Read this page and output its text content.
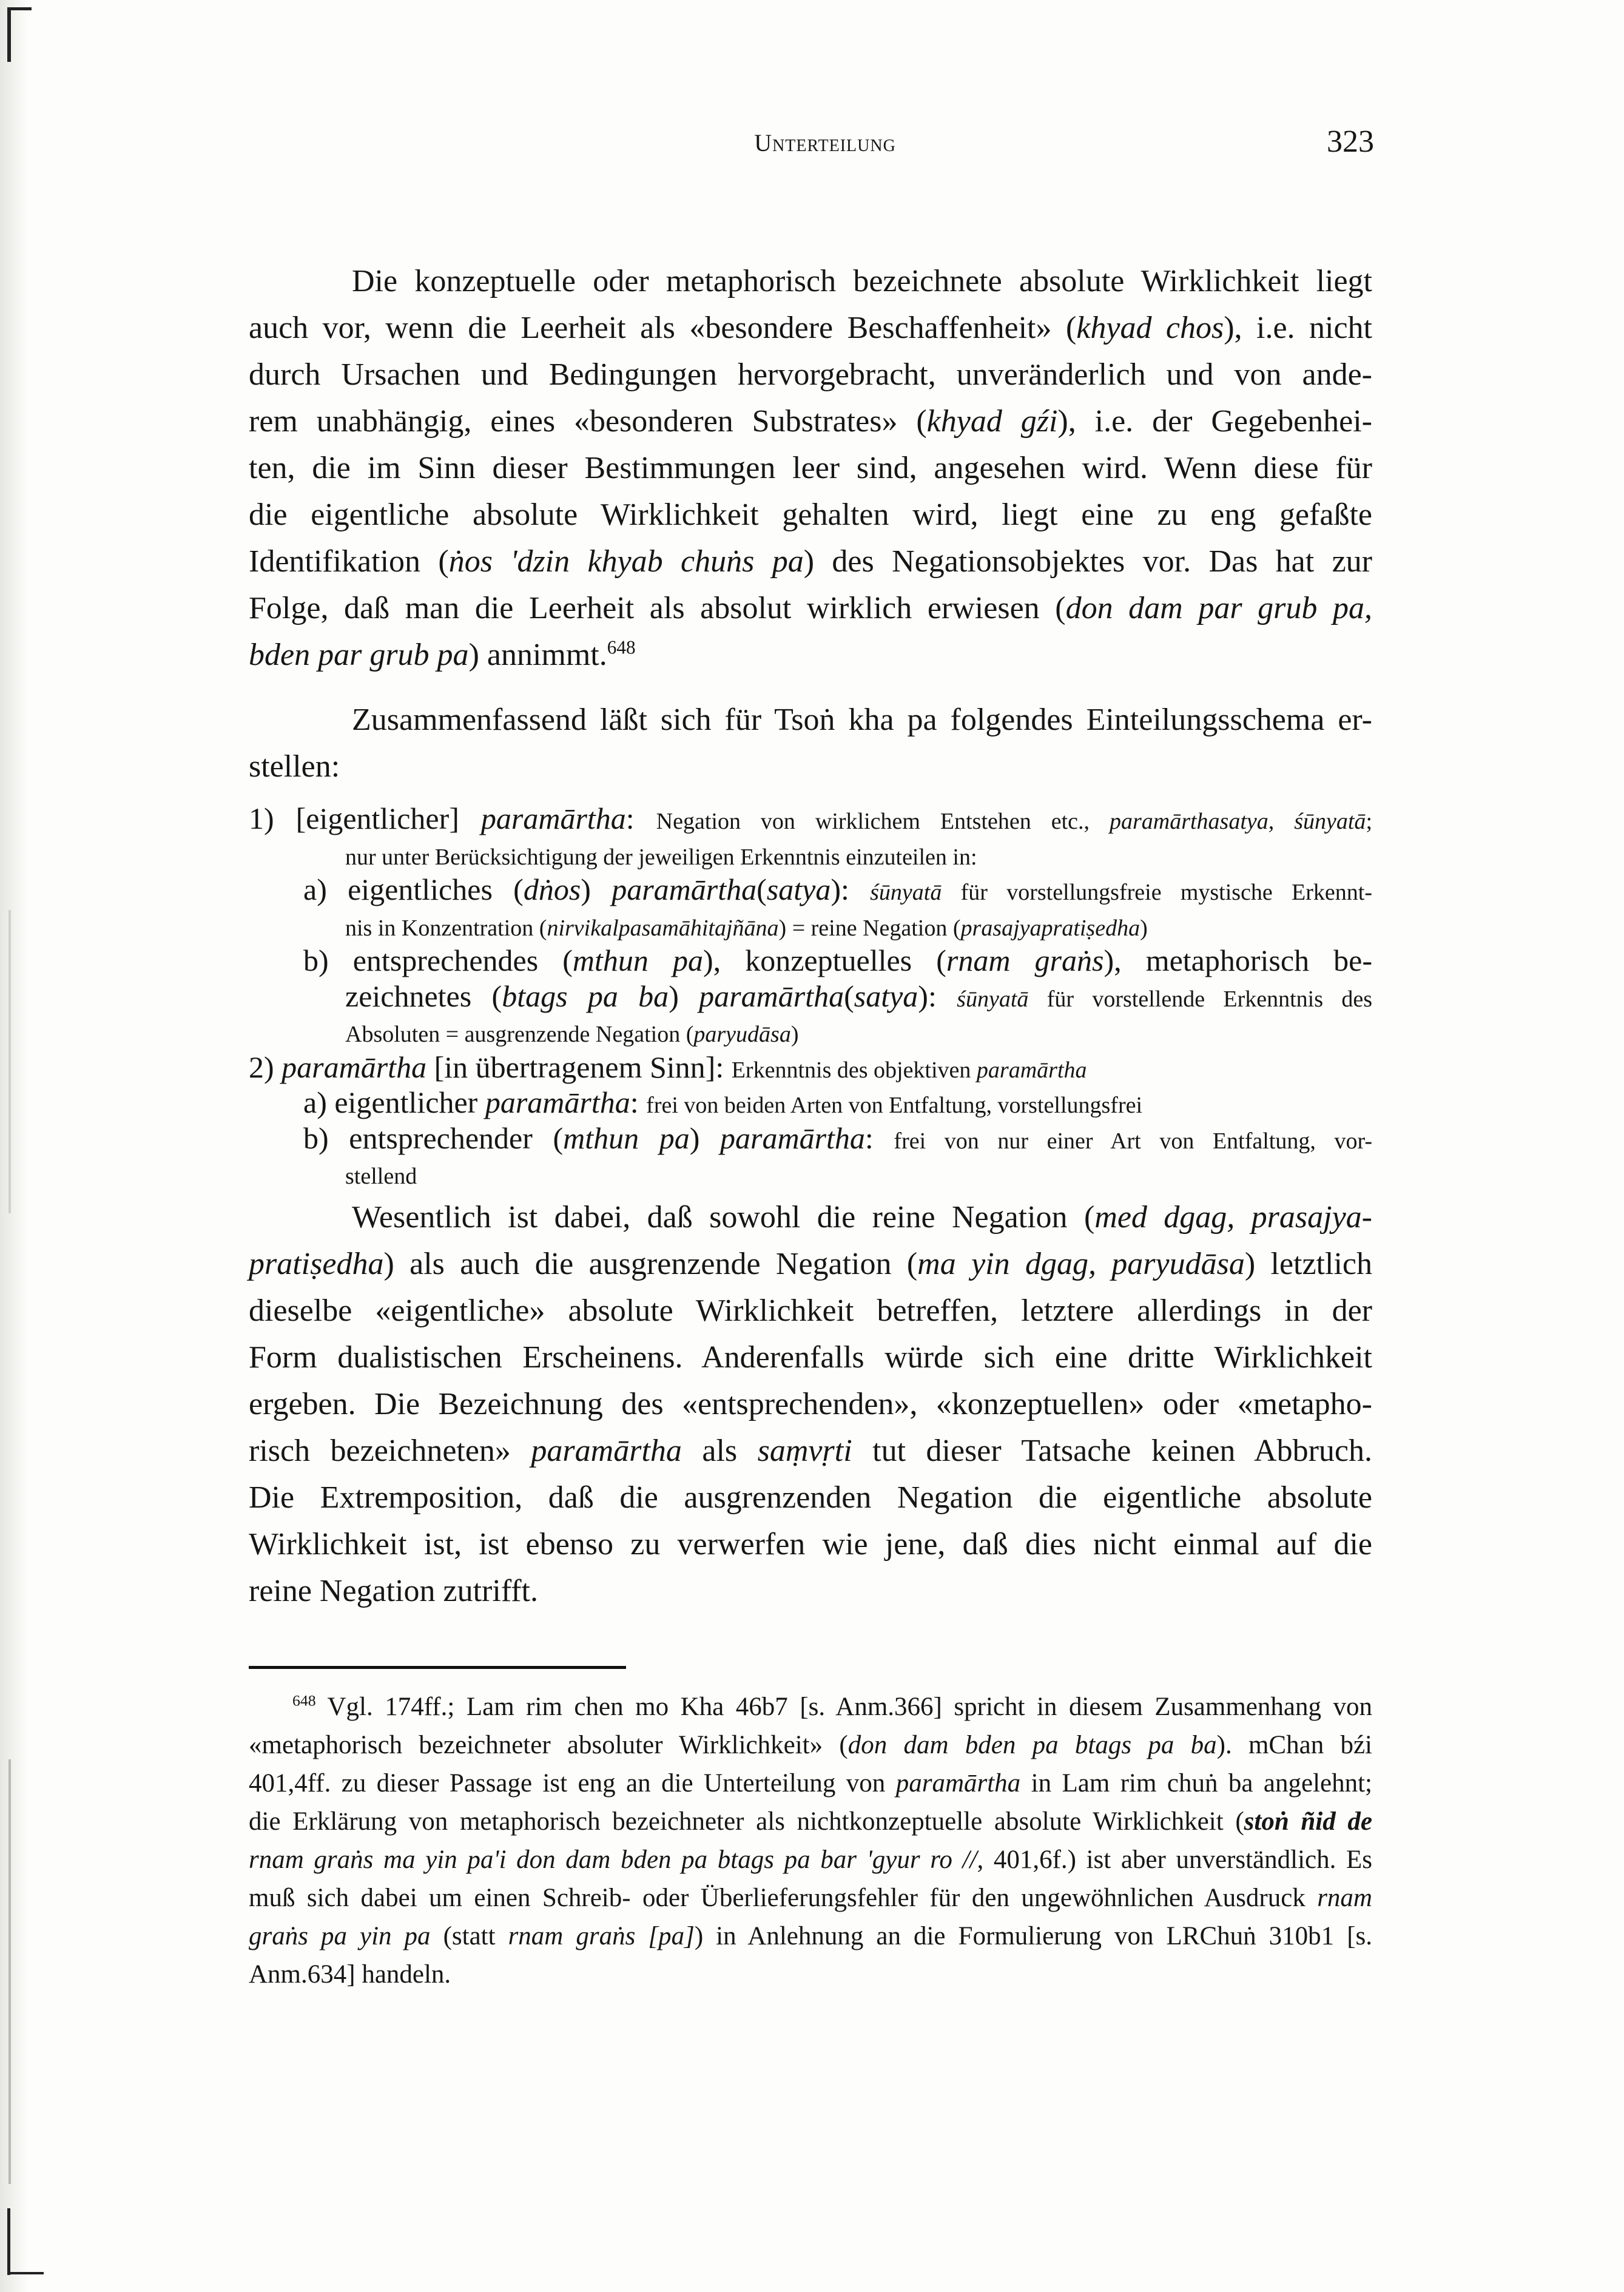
Unterteilung	323
Die konzeptuelle oder metaphorisch bezeichnete absolute Wirklichkeit liegt
auch vor, wenn die Leerheit als «besondere Beschaffenheit» (khyad chos), i.e. nicht
durch Ursachen und Bedingungen hervorgebracht, unveränderlich und von ande-
rem unabhängig, eines «besonderen Substrates» (khyad gźi), i.e. der Gegebenhei-
ten, die im Sinn dieser Bestimmungen leer sind, angesehen wird. Wenn diese für
die eigentliche absolute Wirklichkeit gehalten wird, liegt eine zu eng gefaßte
Identifikation (ṅos 'dzin khyab chuṅs pa) des Negationsobjektes vor. Das hat zur
Folge, daß man die Leerheit als absolut wirklich erwiesen (don dam par grub pa,
bden par grub pa) annimmt.$^{648}$
Zusammenfassend läßt sich für Tsoṅ kha pa folgendes Einteilungsschema er-
stellen:
1) [eigentlicher] paramārtha: Negation von wirklichem Entstehen etc., paramārthasatya, śūnyatā;
nur unter Berücksichtigung der jeweiligen Erkenntnis einzuteilen in:
a) eigentliches (dṅos) paramārtha(satya): śūnyatā für vorstellungsfreie mystische Erkennt-
nis in Konzentration (nirvikalpasamāhitajñāna) = reine Negation (prasajyapratiṣedha)
b) entsprechendes (mthun pa), konzeptuelles (rnam graṅs), metaphorisch be-
zeichnetes (btags pa ba) paramārtha(satya): śūnyatā für vorstellende Erkenntnis des
Absoluten = ausgrenzende Negation (paryudāsa)
2) paramārtha [in übertragenem Sinn]: Erkenntnis des objektiven paramārtha
a) eigentlicher paramārtha: frei von beiden Arten von Entfaltung, vorstellungsfrei
b) entsprechender (mthun pa) paramārtha: frei von nur einer Art von Entfaltung, vor-
stellend
Wesentlich ist dabei, daß sowohl die reine Negation (med dgag, prasajya-
pratiṣedha) als auch die ausgrenzende Negation (ma yin dgag, paryudāsa) letztlich
dieselbe «eigentliche» absolute Wirklichkeit betreffen, letztere allerdings in der
Form dualistischen Erscheinens. Anderenfalls würde sich eine dritte Wirklichkeit
ergeben. Die Bezeichnung des «entsprechenden», «konzeptuellen» oder «metapho-
risch bezeichneten» paramārtha als saṃvṛti tut dieser Tatsache keinen Abbruch.
Die Extremposition, daß die ausgrenzenden Negation die eigentliche absolute
Wirklichkeit ist, ist ebenso zu verwerfen wie jene, daß dies nicht einmal auf die
reine Negation zutrifft.
$^{648}$ Vgl. 174ff.; Lam rim chen mo Kha 46b7 [s. Anm.366] spricht in diesem Zusammenhang von
«metaphorisch bezeichneter absoluter Wirklichkeit» (don dam bden pa btags pa ba). mChan bźi
401,4ff. zu dieser Passage ist eng an die Unterteilung von paramārtha in Lam rim chuṅ ba angelehnt;
die Erklärung von metaphorisch bezeichneter als nichtkonzeptuelle absolute Wirklichkeit (stoṅ ñid de
rnam graṅs ma yin pa'i don dam bden pa btags pa bar 'gyur ro //, 401,6f.) ist aber unverständlich. Es
muß sich dabei um einen Schreib- oder Überlieferungsfehler für den ungewöhnlichen Ausdruck rnam
graṅs pa yin pa (statt rnam graṅs [pa]) in Anlehnung an die Formulierung von LRChuṅ 310b1 [s.
Anm.634] handeln.
